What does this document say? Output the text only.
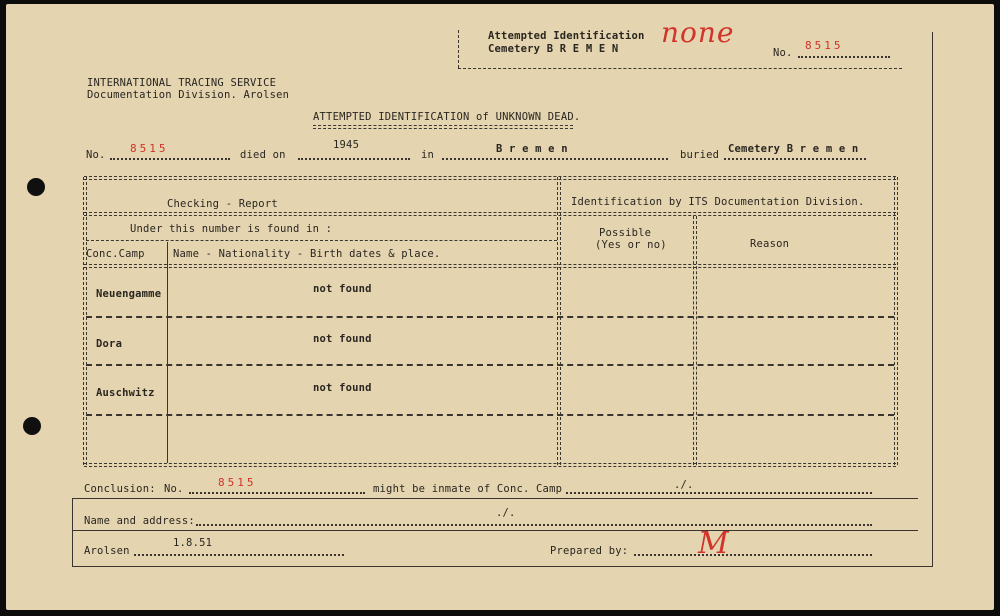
Attempted Identification
Cemetery B R E M E N none
No.
8515
INTERNATIONAL TRACING SERVICE
Documentation Division. Arolsen
ATTEMPTED IDENTIFICATION of UNKNOWN DEAD.
No. 8515	died on
1945
in	B r e m e n	buried Cemetery B r e m e n
Checking - Report	Identification by ITS Documentation Division.
Under this number is found in :
Conc.Camp	Name - Nationality - Birth dates & place.
Possible
(Yes or no)	Reason
Neuengamme	not found
Dora	not found
Auschwitz	not found
Conclusion: No.	8515	might be inmate of Conc. Camp	./.
Name and address:
./.
Arolsen
1.8.51
Prepared by: M
